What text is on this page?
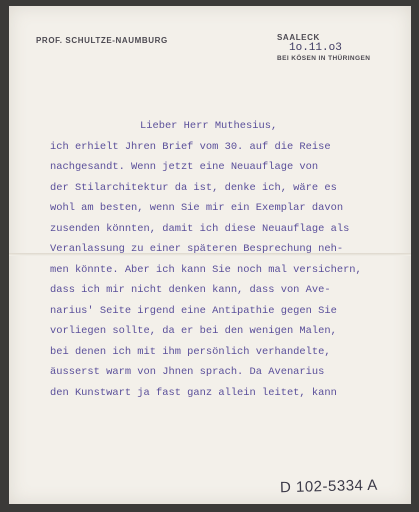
PROF. SCHULTZE-NAUMBURG	SAALECK 1o.11.o3
BEI KÖSEN IN THÜRINGEN
Lieber Herr Muthesius,
ich erhielt Jhren Brief vom 30. auf die Reise
nachgesandt. Wenn jetzt eine Neuauflage von
der Stilarchitektur da ist, denke ich, wäre es
wohl am besten, wenn Sie mir ein Exemplar davon
zusenden könnten, damit ich diese Neuauflage als
Veranlassung zu einer späteren Besprechung neh-
men könnte. Aber ich kann Sie noch mal versichern,
dass ich mir nicht denken kann, dass von Ave-
narius' Seite irgend eine Antipathie gegen Sie
vorliegen sollte, da er bei den wenigen Malen,
bei denen ich mit ihm persönlich verhandelte,
äusserst warm von Jhnen sprach. Da Avenarius
den Kunstwart ja fast ganz allein leitet, kann
D 102-5334 A
